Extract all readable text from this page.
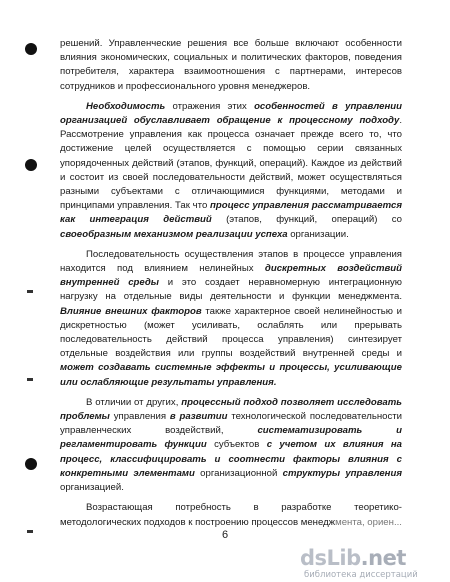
решений. Управленческие решения все больше включают особенности влияния экономических, социальных и политических факторов, поведения потребителя, характера взаимоотношения с партнерами, интересов сотрудников и профессионального уровня менеджеров.

Необходимость отражения этих особенностей в управлении организацией обуславливает обращение к процессному подходу. Рассмотрение управления как процесса означает прежде всего то, что достижение целей осуществляется с помощью серии связанных упорядоченных действий (этапов, функций, операций). Каждое из действий и состоит из своей последовательности действий, может осуществляться разными субъектами с отличающимися функциями, методами и принципами управления. Так что процесс управления рассматривается как интеграция действий (этапов, функций, операций) со своеобразным механизмом реализации успеха организации.

Последовательность осуществления этапов в процессе управления находится под влиянием нелинейных дискретных воздействий внутренней среды и это создает неравномерную интеграционную нагрузку на отдельные виды деятельности и функции менеджмента. Влияние внешних факторов также характерное своей нелинейностью и дискретностью (может усиливать, ослаблять или прерывать последовательность действий процесса управления) синтезирует отдельные воздействия или группы воздействий внутренней среды и может создавать системные эффекты и процессы, усиливающие или ослабляющие результаты управления.

В отличии от других, процессный подход позволяет исследовать проблемы управления в развитии технологической последовательности управленческих воздействий, систематизировать и регламентировать функции субъектов с учетом их влияния на процесс, классифицировать и соотнести факторы влияния с конкретными элементами организационной структуры управления организацией.

Возрастающая потребность в разработке теоретико-методологических подходов к построению процессов менеджмента, ориен...

6
dsLib.net
библиотека диссертаций
